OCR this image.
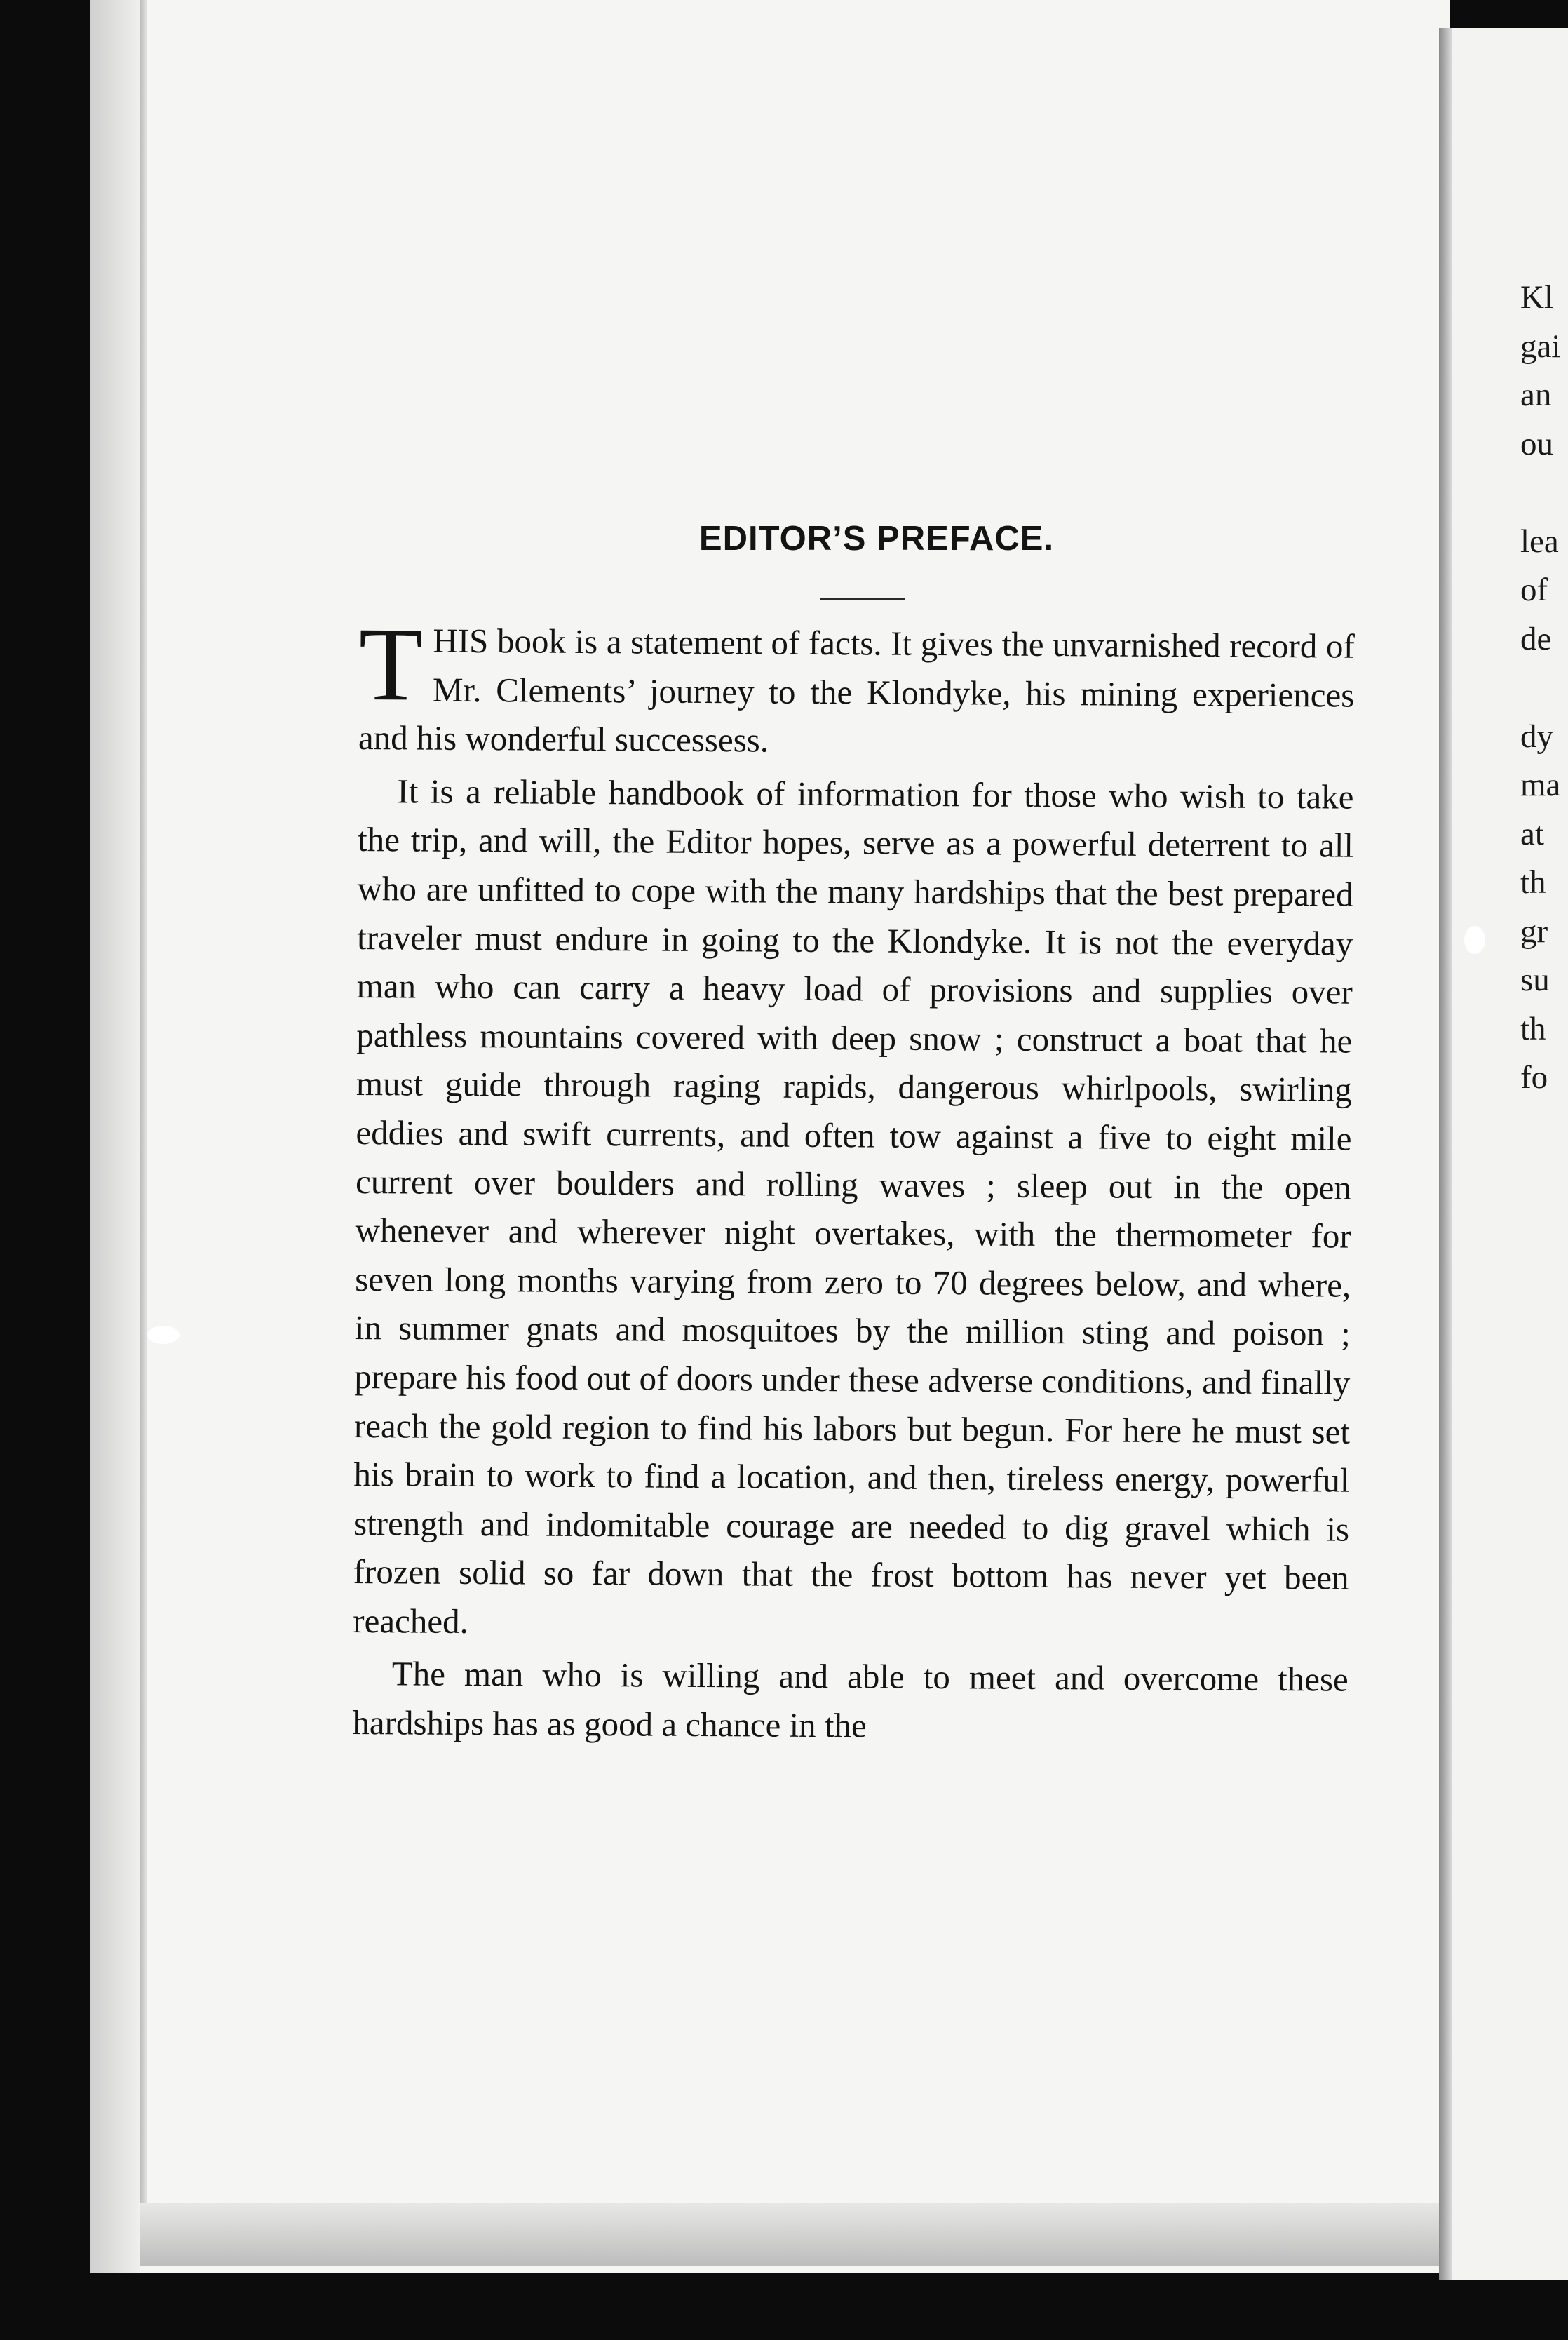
Kl
gai
an
ou
lea
of
de
dy
ma
at
th
gr
su
th
fo
EDITOR’S PREFACE.

T HIS book is a statement of facts. It gives the unvarnished record of Mr. Clements’ journey to the Klondyke, his mining experiences and his wonderful successess.

It is a reliable handbook of information for those who wish to take the trip, and will, the Editor hopes, serve as a powerful deterrent to all who are unfitted to cope with the many hardships that the best prepared traveler must endure in going to the Klondyke. It is not the everyday man who can carry a heavy load of provisions and supplies over pathless mountains covered with deep snow ; construct a boat that he must guide through raging rapids, dangerous whirlpools, swirling eddies and swift currents, and often tow against a five to eight mile current over boulders and rolling waves ; sleep out in the open whenever and wherever night overtakes, with the thermometer for seven long months varying from zero to 70 degrees below, and where, in summer gnats and mosquitoes by the million sting and poison ; prepare his food out of doors under these adverse conditions, and finally reach the gold region to find his labors but begun. For here he must set his brain to work to find a location, and then, tireless energy, powerful strength and indomitable courage are needed to dig gravel which is frozen solid so far down that the frost bottom has never yet been reached.

The man who is willing and able to meet and overcome these hardships has as good a chance in the
